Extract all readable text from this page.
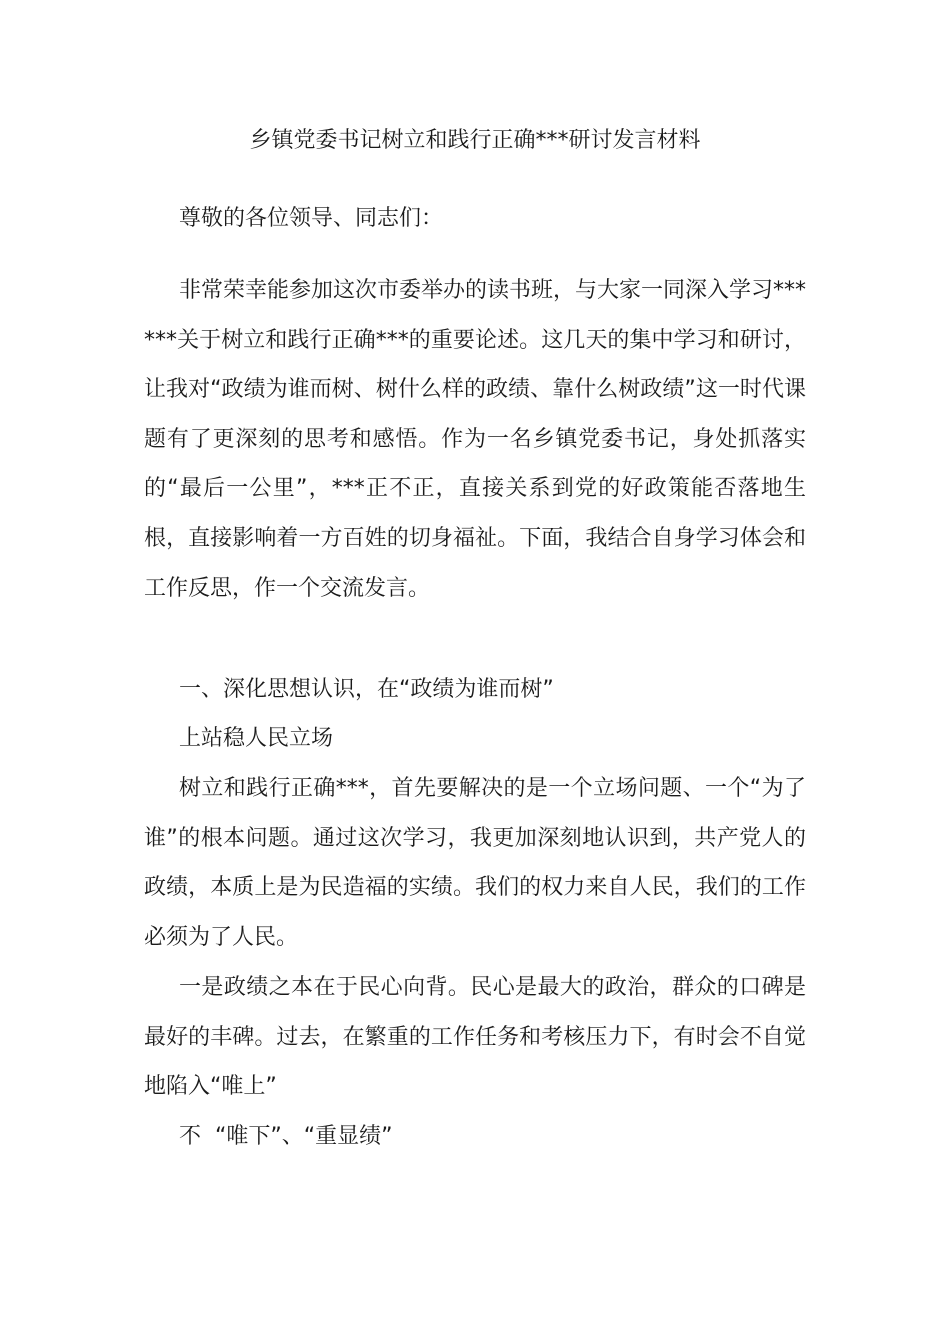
乡镇党委书记树立和践行正确***研讨发言材料

尊敬的各位领导、同志们：

非常荣幸能参加这次市委举办的读书班，与大家一同深入学习******关于树立和践行正确***的重要论述。这几天的集中学习和研讨，让我对“政绩为谁而树、树什么样的政绩、靠什么树政绩”这一时代课题有了更深刻的思考和感悟。作为一名乡镇党委书记，身处抓落实的“最后一公里”，***正不正，直接关系到党的好政策能否落地生根，直接影响着一方百姓的切身福祉。下面，我结合自身学习体会和工作反思，作一个交流发言。

一、深化思想认识，在“政绩为谁而树”

上站稳人民立场

树立和践行正确***，首先要解决的是一个立场问题、一个“为了谁”的根本问题。通过这次学习，我更加深刻地认识到，共产党人的政绩，本质上是为民造福的实绩。我们的权力来自人民，我们的工作必须为了人民。

一是政绩之本在于民心向背。民心是最大的政治，群众的口碑是最好的丰碑。过去，在繁重的工作任务和考核压力下，有时会不自觉地陷入“唯上”

不  “唯下”、“重显绩”
